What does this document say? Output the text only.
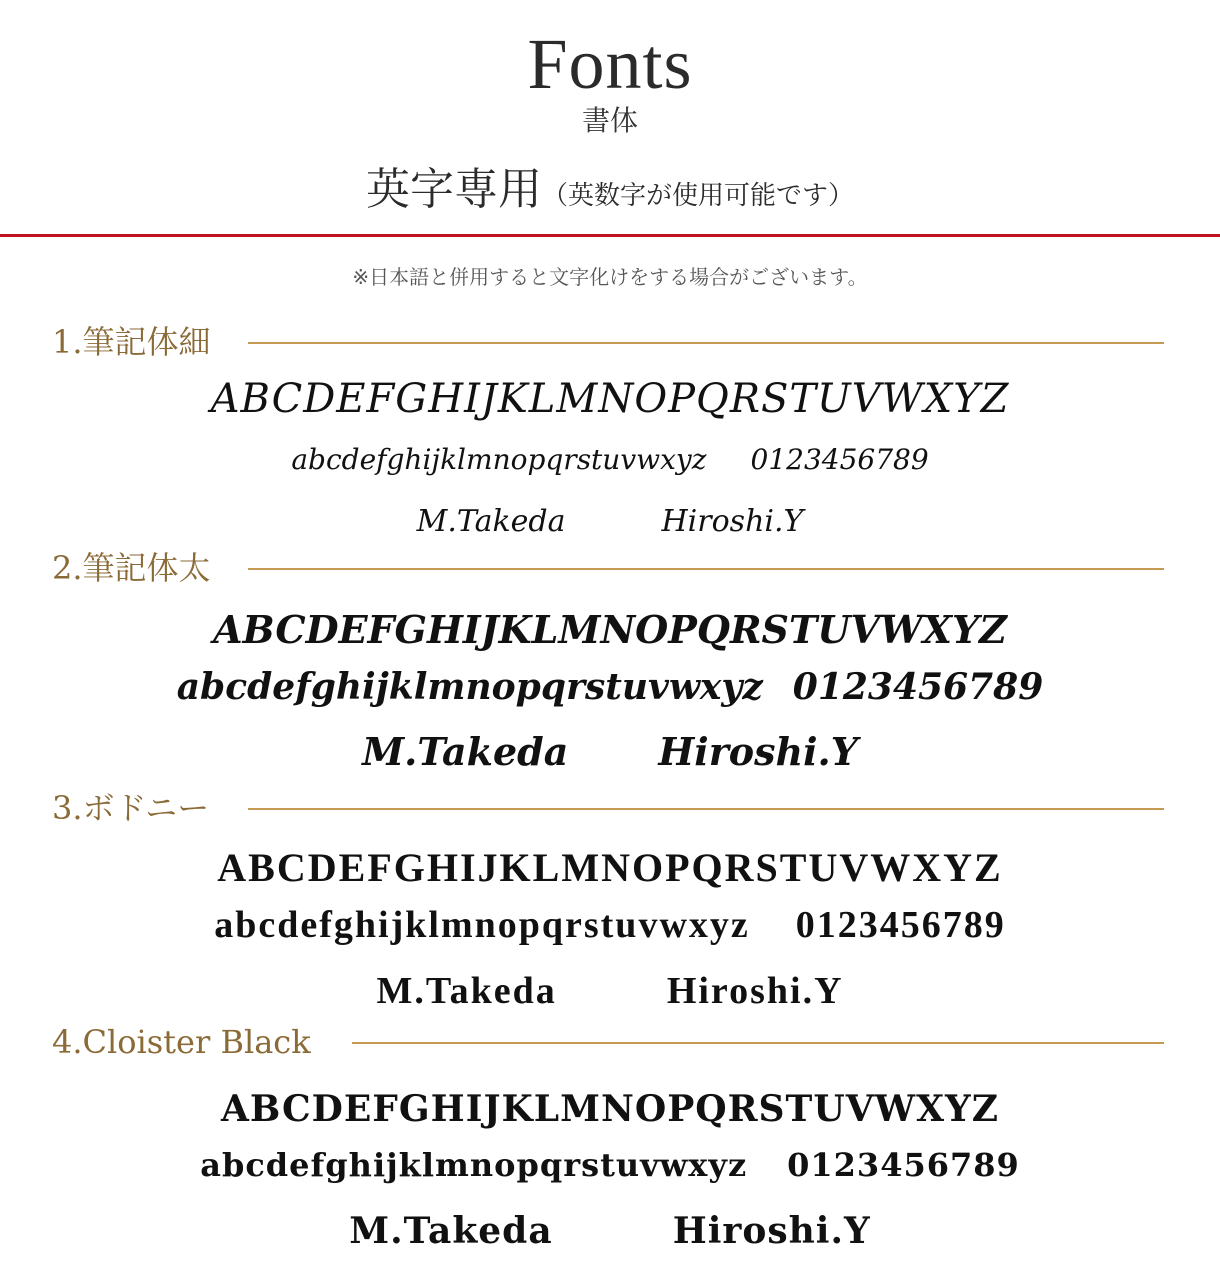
Fonts
書体
英字専用（英数字が使用可能です）
※日本語と併用すると文字化けをする場合がございます。
1.筆記体細
ABCDEFGHIJKLMNOPQRSTUVWXYZ
abcdefghijklmnopqrstuvwxyz 0123456789
M.Takeda	Hiroshi.Y
2.筆記体太
ABCDEFGHIJKLMNOPQRSTUVWXYZ
abcdefghijklmnopqrstuvwxyz 0123456789
M.Takeda Hiroshi.Y
3.ボドニー
ABCDEFGHIJKLMNOPQRSTUVWXYZ
abcdefghijklmnopqrstuvwxyz 0123456789
M.Takeda	Hiroshi.Y
4.Cloister Black
ABCDEFGHIJKLMNOPQRSTUVWXYZ
abcdefghijklmnopqrstuvwxyz 0123456789
M.Takeda	Hiroshi.Y
